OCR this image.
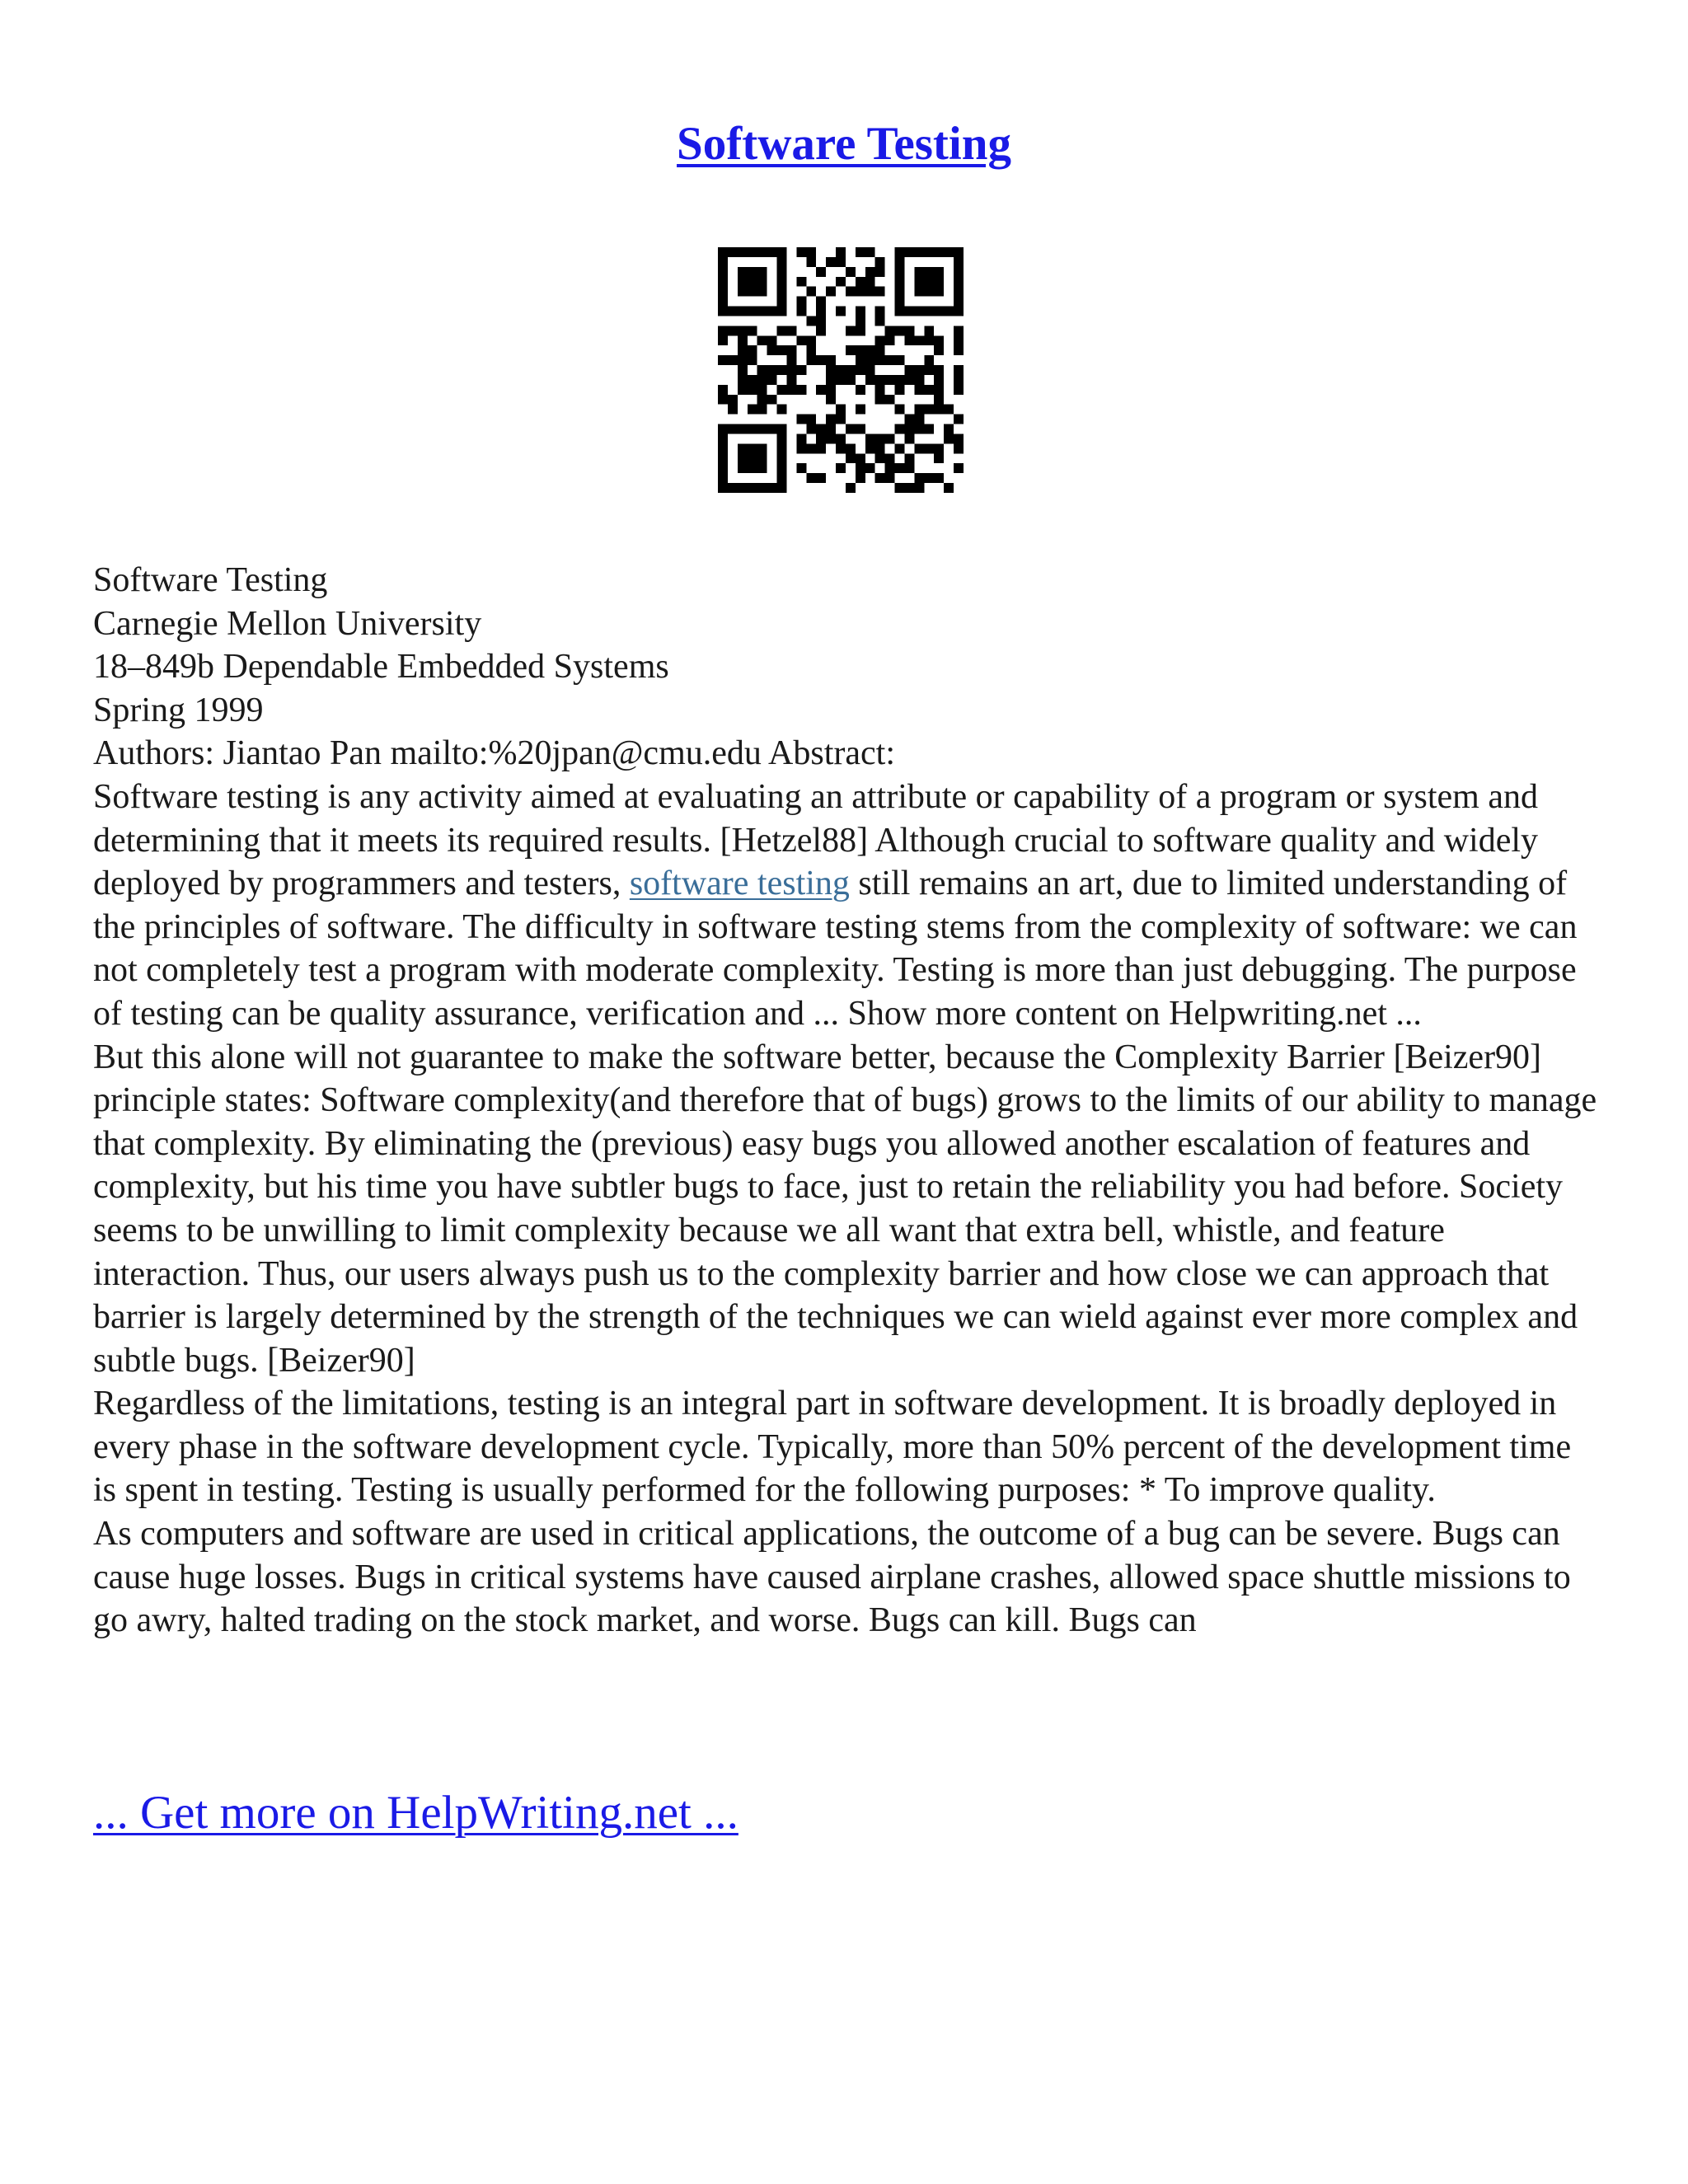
Software Testing

Software Testing

Carnegie Mellon University

18–849b Dependable Embedded Systems

Spring 1999

Authors: Jiantao Pan mailto:%20jpan@cmu.edu Abstract:

Software testing is any activity aimed at evaluating an attribute or capability of a program or system and determining that it meets its required results. [Hetzel88] Although crucial to software quality and widely deployed by programmers and testers, software testing still remains an art, due to limited understanding of the principles of software. The difficulty in software testing stems from the complexity of software: we can not completely test a program with moderate complexity. Testing is more than just debugging. The purpose of testing can be quality assurance, verification and ... Show more content on Helpwriting.net ...

But this alone will not guarantee to make the software better, because the Complexity Barrier [Beizer90] principle states: Software complexity(and therefore that of bugs) grows to the limits of our ability to manage that complexity. By eliminating the (previous) easy bugs you allowed another escalation of features and complexity, but his time you have subtler bugs to face, just to retain the reliability you had before. Society seems to be unwilling to limit complexity because we all want that extra bell, whistle, and feature interaction. Thus, our users always push us to the complexity barrier and how close we can approach that barrier is largely determined by the strength of the techniques we can wield against ever more complex and subtle bugs. [Beizer90]

Regardless of the limitations, testing is an integral part in software development. It is broadly deployed in every phase in the software development cycle. Typically, more than 50% percent of the development time is spent in testing. Testing is usually performed for the following purposes: * To improve quality.

As computers and software are used in critical applications, the outcome of a bug can be severe. Bugs can cause huge losses. Bugs in critical systems have caused airplane crashes, allowed space shuttle missions to go awry, halted trading on the stock market, and worse. Bugs can kill. Bugs can

... Get more on HelpWriting.net ...
